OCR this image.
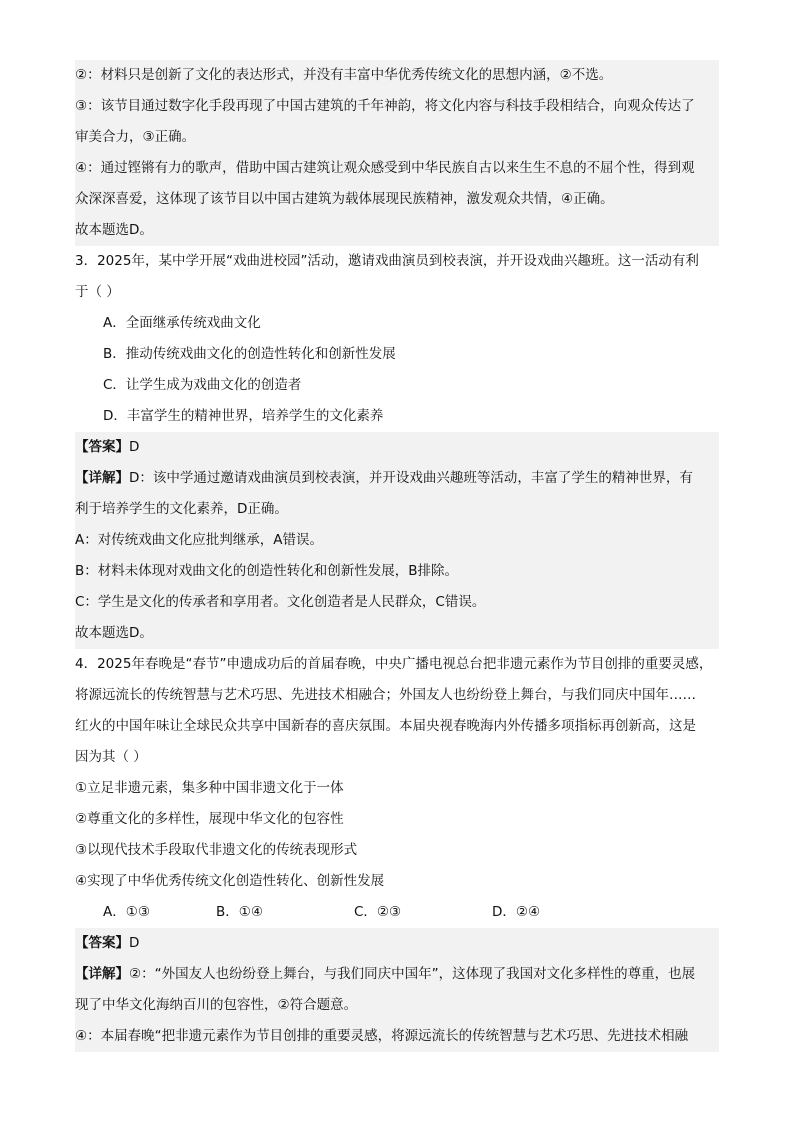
②：材料只是创新了文化的表达形式，并没有丰富中华优秀传统文化的思想内涵，②不选。
③：该节目通过数字化手段再现了中国古建筑的千年神韵，将文化内容与科技手段相结合，向观众传达了
审美合力，③正确。
④：通过铿锵有力的歌声，借助中国古建筑让观众感受到中华民族自古以来生生不息的不屈个性，得到观
众深深喜爱，这体现了该节目以中国古建筑为载体展现民族精神，激发观众共情，④正确。
故本题选D。
3．2025年，某中学开展“戏曲进校园”活动，邀请戏曲演员到校表演，并开设戏曲兴趣班。这一活动有利
于（ ）
A．全面继承传统戏曲文化
B．推动传统戏曲文化的创造性转化和创新性发展
C．让学生成为戏曲文化的创造者
D．丰富学生的精神世界，培养学生的文化素养
【答案】D
【详解】D：该中学通过邀请戏曲演员到校表演，并开设戏曲兴趣班等活动，丰富了学生的精神世界，有
利于培养学生的文化素养，D正确。
A：对传统戏曲文化应批判继承，A错误。
B：材料未体现对戏曲文化的创造性转化和创新性发展，B排除。
C：学生是文化的传承者和享用者。文化创造者是人民群众，C错误。
故本题选D。
4．2025年春晚是“春节”申遗成功后的首届春晚，中央广播电视总台把非遗元素作为节目创排的重要灵感，
将源远流长的传统智慧与艺术巧思、先进技术相融合；外国友人也纷纷登上舞台，与我们同庆中国年……
红火的中国年味让全球民众共享中国新春的喜庆氛围。本届央视春晚海内外传播多项指标再创新高，这是
因为其（ ）
①立足非遗元素，集多种中国非遗文化于一体
②尊重文化的多样性，展现中华文化的包容性
③以现代技术手段取代非遗文化的传统表现形式
④实现了中华优秀传统文化创造性转化、创新性发展
A．①③	B．①④	C．②③	D．②④
【答案】D
【详解】②：“外国友人也纷纷登上舞台，与我们同庆中国年”，这体现了我国对文化多样性的尊重，也展
现了中华文化海纳百川的包容性，②符合题意。
④：本届春晚“把非遗元素作为节目创排的重要灵感，将源远流长的传统智慧与艺术巧思、先进技术相融
